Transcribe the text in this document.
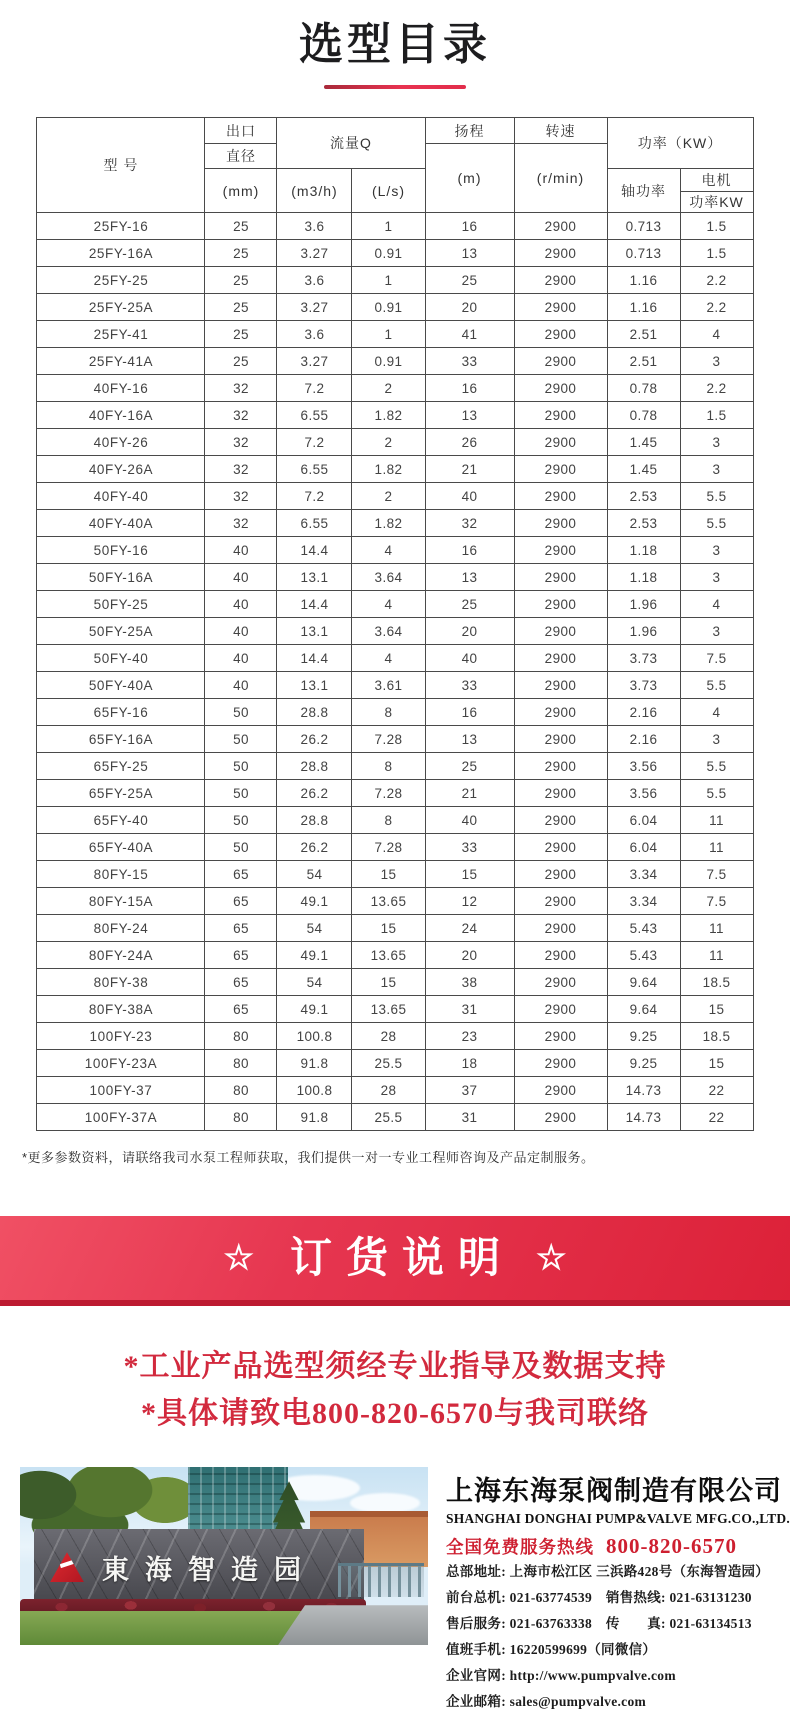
选型目录
型 号	出口	流量Q		扬程	转速	功率（KW）	
	直径			(m)	(r/min)		
	(mm)	(m3/h)	(L/s)			轴功率	电机
							功率KW
25FY-16	25	3.6	1	16	2900	0.713	1.5
25FY-16A	25	3.27	0.91	13	2900	0.713	1.5
25FY-25	25	3.6	1	25	2900	1.16	2.2
25FY-25A	25	3.27	0.91	20	2900	1.16	2.2
25FY-41	25	3.6	1	41	2900	2.51	4
25FY-41A	25	3.27	0.91	33	2900	2.51	3
40FY-16	32	7.2	2	16	2900	0.78	2.2
40FY-16A	32	6.55	1.82	13	2900	0.78	1.5
40FY-26	32	7.2	2	26	2900	1.45	3
40FY-26A	32	6.55	1.82	21	2900	1.45	3
40FY-40	32	7.2	2	40	2900	2.53	5.5
40FY-40A	32	6.55	1.82	32	2900	2.53	5.5
50FY-16	40	14.4	4	16	2900	1.18	3
50FY-16A	40	13.1	3.64	13	2900	1.18	3
50FY-25	40	14.4	4	25	2900	1.96	4
50FY-25A	40	13.1	3.64	20	2900	1.96	3
50FY-40	40	14.4	4	40	2900	3.73	7.5
50FY-40A	40	13.1	3.61	33	2900	3.73	5.5
65FY-16	50	28.8	8	16	2900	2.16	4
65FY-16A	50	26.2	7.28	13	2900	2.16	3
65FY-25	50	28.8	8	25	2900	3.56	5.5
65FY-25A	50	26.2	7.28	21	2900	3.56	5.5
65FY-40	50	28.8	8	40	2900	6.04	11
65FY-40A	50	26.2	7.28	33	2900	6.04	11
80FY-15	65	54	15	15	2900	3.34	7.5
80FY-15A	65	49.1	13.65	12	2900	3.34	7.5
80FY-24	65	54	15	24	2900	5.43	11
80FY-24A	65	49.1	13.65	20	2900	5.43	11
80FY-38	65	54	15	38	2900	9.64	18.5
80FY-38A	65	49.1	13.65	31	2900	9.64	15
100FY-23	80	100.8	28	23	2900	9.25	18.5
100FY-23A	80	91.8	25.5	18	2900	9.25	15
100FY-37	80	100.8	28	37	2900	14.73	22
100FY-37A	80	91.8	25.5	31	2900	14.73	22
*更多参数资料，请联络我司水泵工程师获取，我们提供一对一专业工程师咨询及产品定制服务。
☆ 订货说明 ☆
*工业产品选型须经专业指导及数据支持
*具体请致电800-820-6570与我司联络
東海智造园
上海东海泵阀制造有限公司
SHANGHAI DONGHAI PUMP&VALVE MFG.CO.,LTD.
全国免费服务热线 800-820-6570
总部地址: 上海市松江区 三浜路428号（东海智造园）
前台总机: 021-63774539　销售热线: 021-63131230
售后服务: 021-63763338　传　　真: 021-63134513
值班手机: 16220599699（同微信）
企业官网: http://www.pumpvalve.com
企业邮箱: sales@pumpvalve.com
